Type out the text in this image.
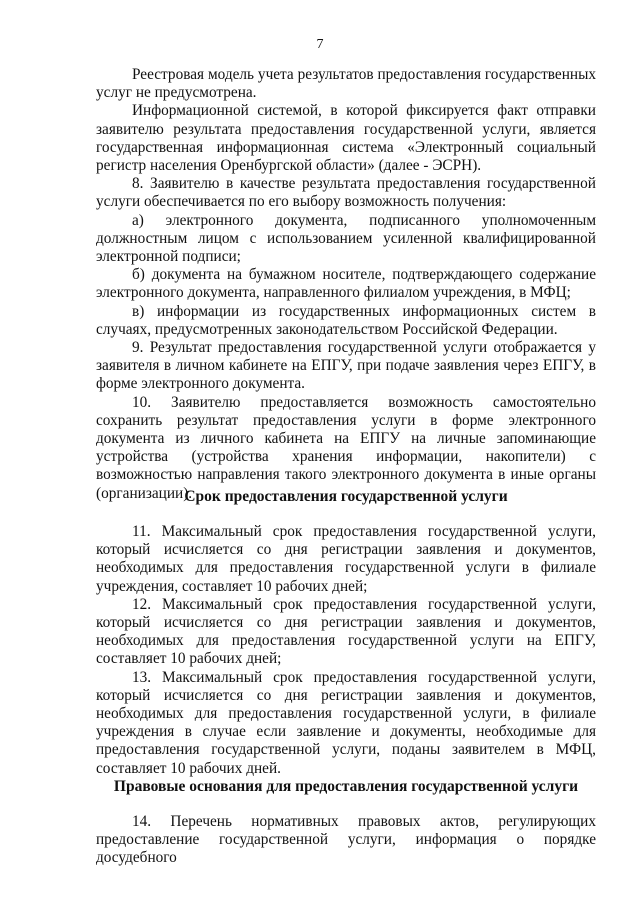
7

Реестровая модель учета результатов предоставления государственных услуг не предусмотрена.

Информационной системой, в которой фиксируется факт отправки заявителю результата предоставления государственной услуги, является государственная информационная система «Электронный социальный регистр населения Оренбургской области» (далее - ЭСРН).

8. Заявителю в качестве результата предоставления государственной услуги обеспечивается по его выбору возможность получения:

а) электронного документа, подписанного уполномоченным должностным лицом с использованием усиленной квалифицированной электронной подписи;

б) документа на бумажном носителе, подтверждающего содержание электронного документа, направленного филиалом учреждения, в МФЦ;

в) информации из государственных информационных систем в случаях, предусмотренных законодательством Российской Федерации.

9. Результат предоставления государственной услуги отображается у заявителя в личном кабинете на ЕПГУ, при подаче заявления через ЕПГУ, в форме электронного документа.

10. Заявителю предоставляется возможность самостоятельно сохранить результат предоставления услуги в форме электронного документа из личного кабинета на ЕПГУ на личные запоминающие устройства (устройства хранения информации, накопители) с возможностью направления такого электронного документа в иные органы (организации).

Срок предоставления государственной услуги

11. Максимальный срок предоставления государственной услуги, который исчисляется со дня регистрации заявления и документов, необходимых для предоставления государственной услуги в филиале учреждения, составляет 10 рабочих дней;

12. Максимальный срок предоставления государственной услуги, который исчисляется со дня регистрации заявления и документов, необходимых для предоставления государственной услуги на ЕПГУ, составляет 10 рабочих дней;

13. Максимальный срок предоставления государственной услуги, который исчисляется со дня регистрации заявления и документов, необходимых для предоставления государственной услуги, в филиале учреждения в случае если заявление и документы, необходимые для предоставления государственной услуги, поданы заявителем в МФЦ, составляет 10 рабочих дней.

Правовые основания для предоставления государственной услуги

14. Перечень нормативных правовых актов, регулирующих предоставление государственной услуги, информация о порядке досудебного
